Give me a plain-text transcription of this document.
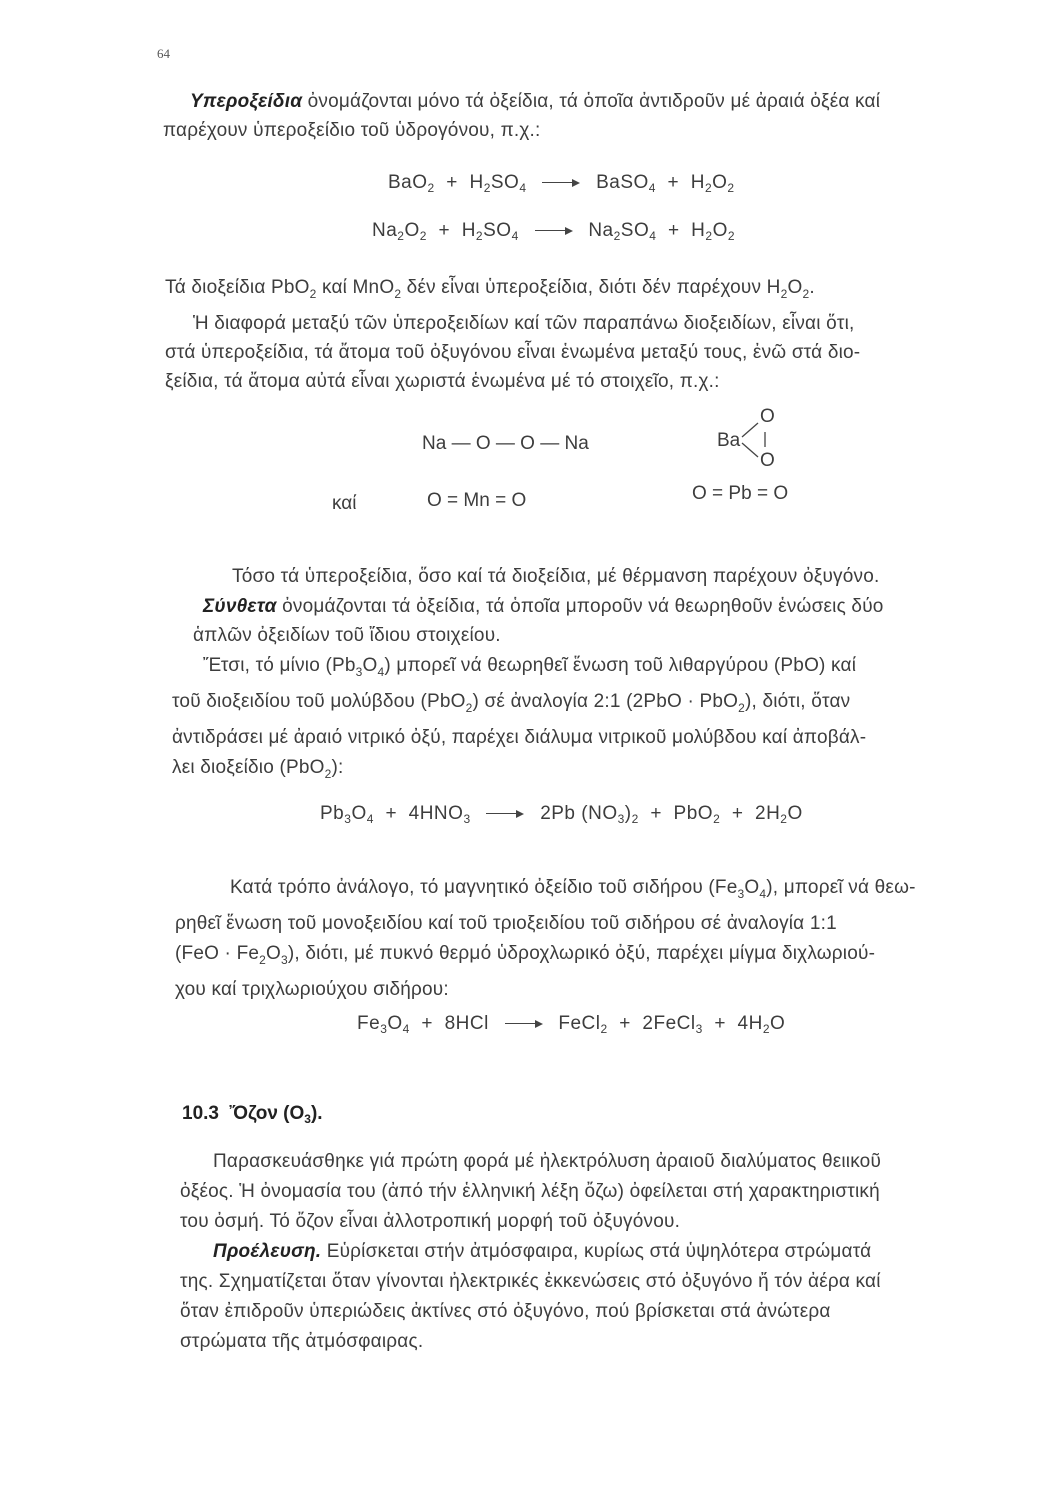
64
Υπεροξείδια ὀνομάζονται μόνο τά ὀξείδια, τά ὁποῖα ἀντιδροῦν μέ ἀραιά ὀξέα καί
παρέχουν ὑπεροξείδιο τοῦ ὑδρογόνου, π.χ.:
$BaO_2 + H_2SO_4$	BaSO$_4$ + $H_2O_2$
$Na_2O_2 + H_2SO_4$	$Na_2SO_4 + H_2O_2$
Τά διοξείδια PbO$_2$ καί MnO$_2$ δέν εἶναι ὑπεροξείδια, διότι δέν παρέχουν $H_2O_2$.
Ἡ διαφορά μεταξύ τῶν ὑπεροξειδίων καί τῶν παραπάνω διοξειδίων, εἶναι ὅτι,
στά ὑπεροξείδια, τά ἄτομα τοῦ ὀξυγόνου εἶναι ἑνωμένα μεταξύ τους, ἐνῶ στά διο-
ξείδια, τά ἄτομα αὐτά εἶναι χωριστά ἑνωμένα μέ τό στοιχεῖο, π.χ.:
Na — O — O — Na	Ba
O
O
καί	O = Mn = O	O = Pb = O
Τόσο τά ὑπεροξείδια, ὅσο καί τά διοξείδια, μέ θέρμανση παρέχουν ὀξυγόνο.
Σύνθετα ὀνομάζονται τά ὀξείδια, τά ὁποῖα μποροῦν νά θεωρηθοῦν ἑνώσεις δύο
ἁπλῶν ὀξειδίων τοῦ ἴδιου στοιχείου.
Ἔτσι, τό μίνιο $(Pb_3O_4)$ μπορεῖ νά θεωρηθεῖ ἕνωση τοῦ λιθαργύρου (PbO) καί
τοῦ διοξειδίου τοῦ μολύβδου (PbO$_2$) σέ ἀναλογία 2:1 (2PbO · PbO$_2$), διότι, ὅταν
ἀντιδράσει μέ ἀραιό νιτρικό ὀξύ, παρέχει διάλυμα νιτρικοῦ μολύβδου καί ἀποβάλ-
λει διοξείδιο (PbO$_2$):
$Pb_3O_4 + 4HNO_3$	2Pb $(NO_3)_2 + PbO_2 + 2H_2O$
Κατά τρόπο ἀνάλογο, τό μαγνητικό ὀξείδιο τοῦ σιδήρου $(Fe_3O_4)$, μπορεῖ νά θεω-
ρηθεῖ ἕνωση τοῦ μονοξειδίου καί τοῦ τριοξειδίου τοῦ σιδήρου σέ ἀναλογία 1:1
$(FeO \cdot Fe_2O_3)$, διότι, μέ πυκνό θερμό ὑδροχλωρικό ὀξύ, παρέχει μίγμα διχλωριού-
χου καί τριχλωριούχου σιδήρου:
$Fe_3O_4 + 8HCl$	FeCl$_2$ + 2FeCl$_3$ + $4H_2O$
10.3 Ὄζον $(O_3)$.
Παρασκευάσθηκε γιά πρώτη φορά μέ ἠλεκτρόλυση ἀραιοῦ διαλύματος θειικοῦ
ὀξέος. Ἡ ὀνομασία του (ἀπό τήν ἑλληνική λέξη ὄζω) ὀφείλεται στή χαρακτηριστική
του ὀσμή. Τό ὄζον εἶναι ἀλλοτροπική μορφή τοῦ ὀξυγόνου.
Προέλευση. Εὑρίσκεται στήν ἀτμόσφαιρα, κυρίως στά ὑψηλότερα στρώματά
της. Σχηματίζεται ὅταν γίνονται ἠλεκτρικές ἐκκενώσεις στό ὀξυγόνο ἤ τόν ἀέρα καί
ὅταν ἐπιδροῦν ὑπεριώδεις ἀκτίνες στό ὀξυγόνο, πού βρίσκεται στά ἀνώτερα
στρώματα τῆς ἀτμόσφαιρας.
